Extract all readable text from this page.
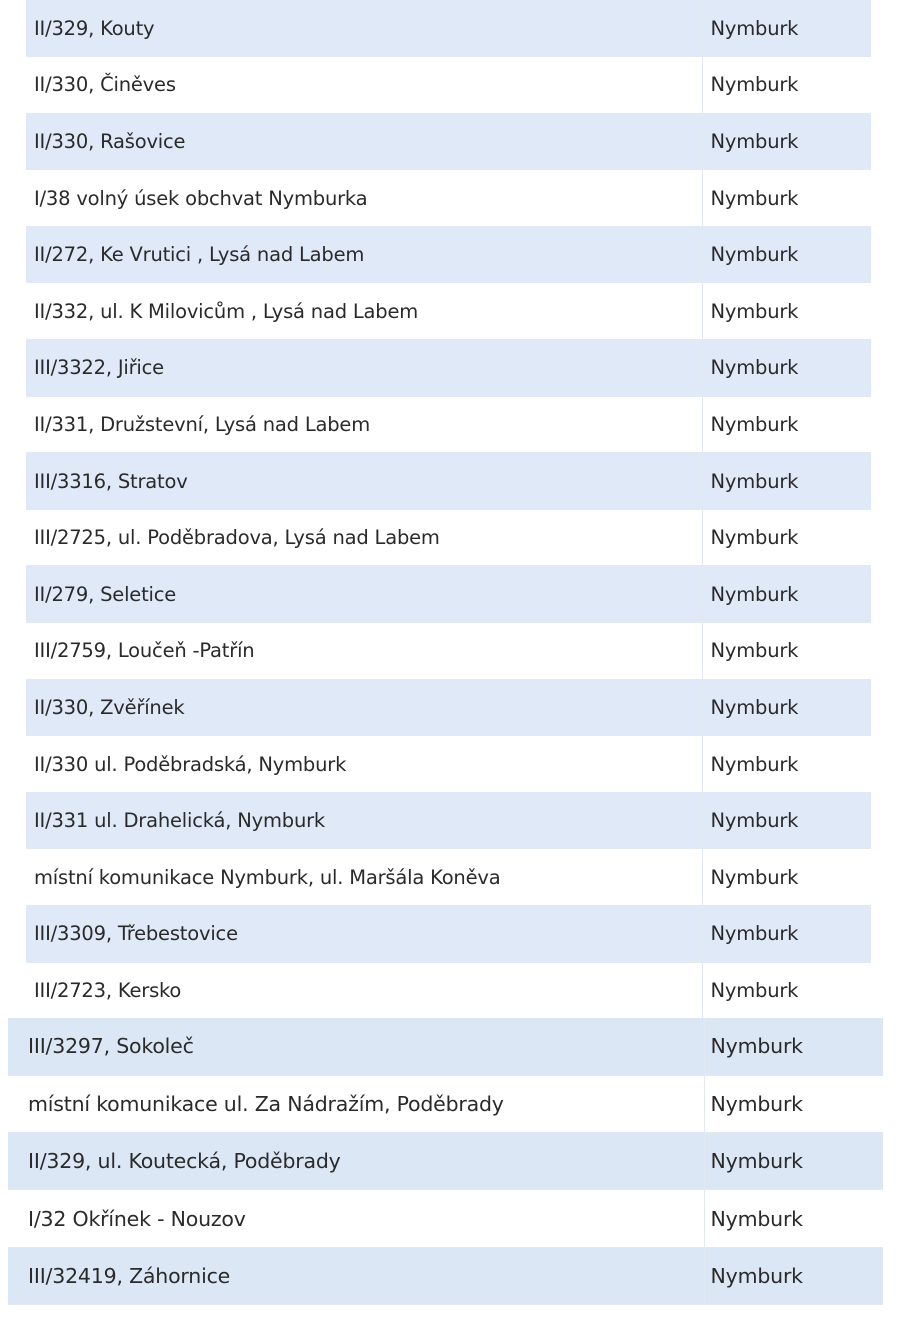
II/329, Kouty	Nymburk
II/330, Činěves	Nymburk
II/330, Rašovice	Nymburk
I/38 volný úsek obchvat Nymburka	Nymburk
II/272, Ke Vrutici , Lysá nad Labem	Nymburk
II/332, ul. K Milovicům , Lysá nad Labem	Nymburk
III/3322, Jiřice	Nymburk
II/331, Družstevní, Lysá nad Labem	Nymburk
III/3316, Stratov	Nymburk
III/2725, ul. Poděbradova, Lysá nad Labem	Nymburk
II/279, Seletice	Nymburk
III/2759, Loučeň -Patřín	Nymburk
II/330, Zvěřínek	Nymburk
II/330 ul. Poděbradská, Nymburk	Nymburk
II/331 ul. Drahelická, Nymburk	Nymburk
místní komunikace Nymburk, ul. Maršála Koněva	Nymburk
III/3309, Třebestovice	Nymburk
III/2723, Kersko	Nymburk
III/3297, Sokoleč	Nymburk
místní komunikace ul. Za Nádražím, Poděbrady	Nymburk
II/329, ul. Koutecká, Poděbrady	Nymburk
I/32 Okřínek - Nouzov	Nymburk
III/32419, Záhornice	Nymburk
